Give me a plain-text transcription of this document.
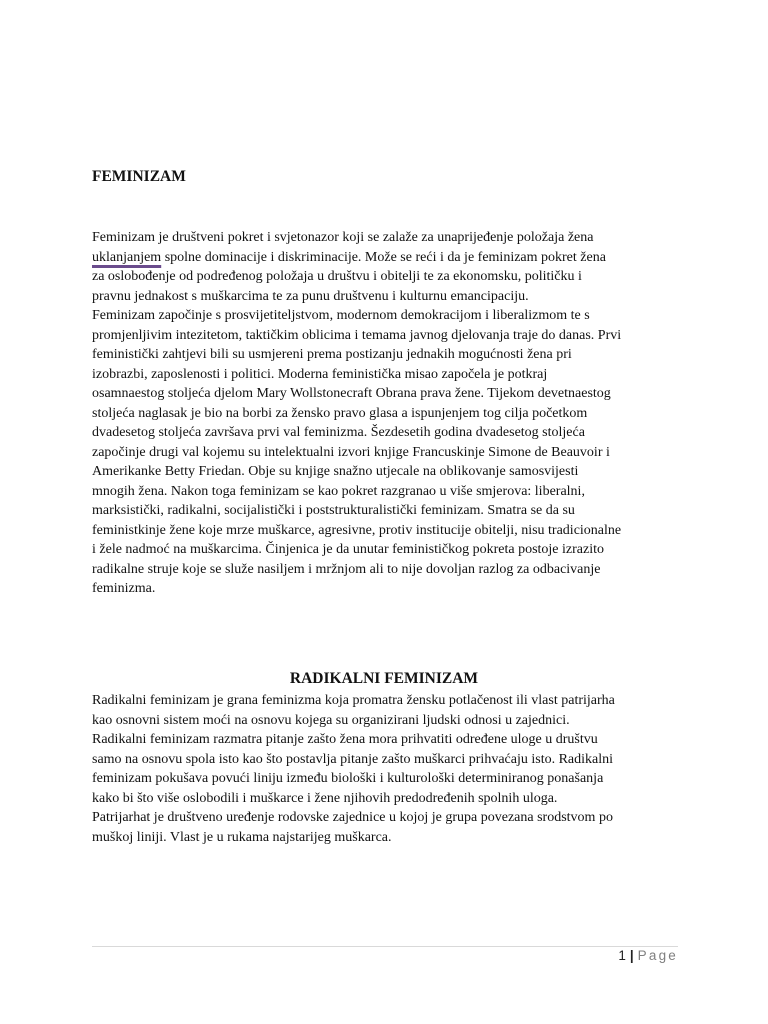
FEMINIZAM
Feminizam je društveni pokret i svjetonazor koji se zalaže za unaprijeđenje položaja žena
uklanjanjem spolne dominacije i diskriminacije. Može se reći i da je feminizam pokret žena
za oslobođenje od podređenog položaja u društvu i obitelji te za ekonomsku, političku i
pravnu jednakost s muškarcima te za punu društvenu i kulturnu emancipaciju.
Feminizam započinje s prosvijetiteljstvom, modernom demokracijom i liberalizmom te s
promjenljivim intezitetom, taktičkim oblicima i temama javnog djelovanja traje do danas. Prvi
feministički zahtjevi bili su usmjereni prema postizanju jednakih mogućnosti žena pri
izobrazbi, zaposlenosti i politici. Moderna feministička misao započela je potkraj
osamnaestog stoljeća djelom Mary Wollstonecraft Obrana prava žene. Tijekom devetnaestog
stoljeća naglasak je bio na borbi za žensko pravo glasa a ispunjenjem tog cilja početkom
dvadesetog stoljeća završava prvi val feminizma. Šezdesetih godina dvadesetog stoljeća
započinje drugi val kojemu su intelektualni izvori knjige Francuskinje Simone de Beauvoir i
Amerikanke Betty Friedan. Obje su knjige snažno utjecale na oblikovanje samosvijesti
mnogih žena. Nakon toga feminizam se kao pokret razgranao u više smjerova: liberalni,
marksistički, radikalni, socijalistički i poststrukturalistički feminizam. Smatra se da su
feministkinje žene koje mrze muškarce, agresivne, protiv institucije obitelji, nisu tradicionalne
i žele nadmoć na muškarcima. Činjenica je da unutar feminističkog pokreta postoje izrazito
radikalne struje koje se služe nasiljem i mržnjom ali to nije dovoljan razlog za odbacivanje
feminizma.
RADIKALNI FEMINIZAM
Radikalni feminizam je grana feminizma koja promatra žensku potlačenost ili vlast patrijarha
kao osnovni sistem moći na osnovu kojega su organizirani ljudski odnosi u zajednici.
Radikalni feminizam razmatra pitanje zašto žena mora prihvatiti određene uloge u društvu
samo na osnovu spola isto kao što postavlja pitanje zašto muškarci prihvaćaju isto. Radikalni
feminizam pokušava povući liniju između biološki i kulturološki determiniranog ponašanja
kako bi što više oslobodili i muškarce i žene njihovih predodređenih spolnih uloga.
Patrijarhat je društveno uređenje rodovske zajednice u kojoj je grupa povezana srodstvom po
muškoj liniji. Vlast je u rukama najstarijeg muškarca.
1 | Page
